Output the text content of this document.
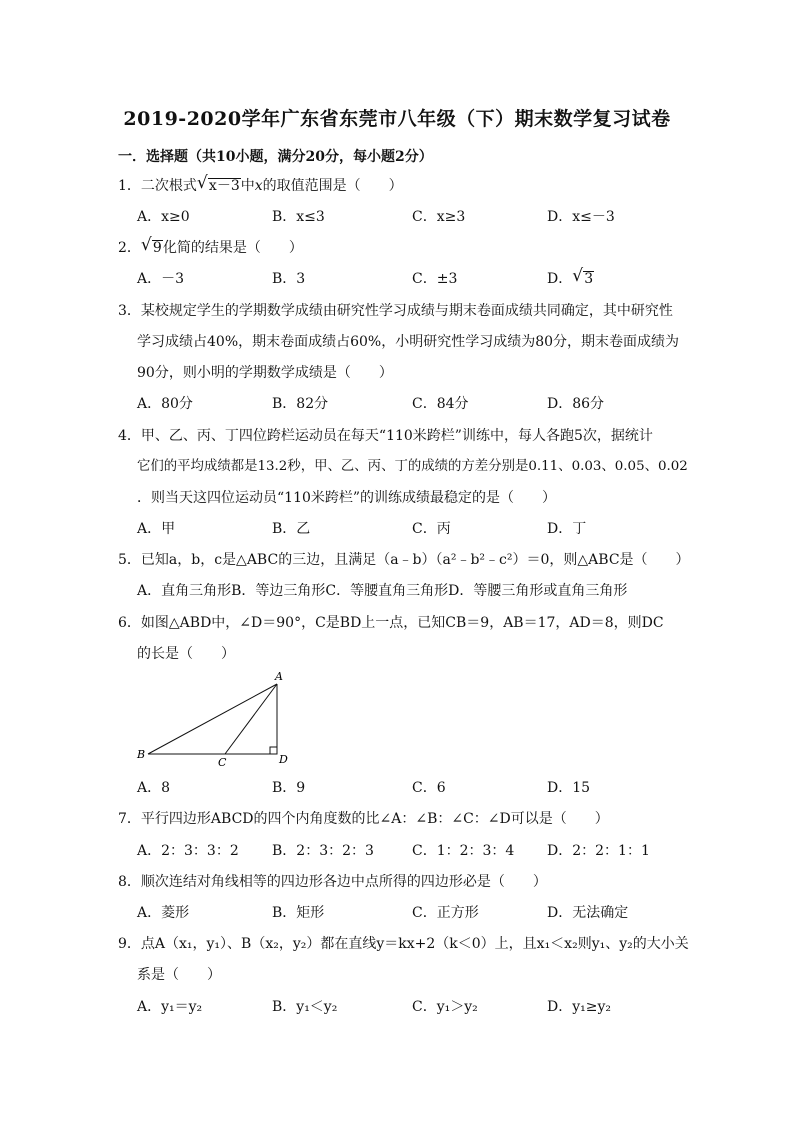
2019-2020学年广东省东莞市八年级（下）期末数学复习试卷
一．选择题（共10小题，满分20分，每小题2分）
1．二次根式 √ x－3中x的取值范围是（　　）
A．x≥0	B．x≤3	C．x≥3	D．x≤－3
2． √ 9化简的结果是（　　）
A．－3	B．3	C．±3	D． √ 3
3．某校规定学生的学期数学成绩由研究性学习成绩与期末卷面成绩共同确定，其中研究性
学习成绩占40%，期末卷面成绩占60%，小明研究性学习成绩为80分，期末卷面成绩为
90分，则小明的学期数学成绩是（　　）
A．80分	B．82分	C．84分	D．86分
4．甲、乙、丙、丁四位跨栏运动员在每天“110米跨栏”训练中，每人各跑5次，据统计
它们的平均成绩都是13.2秒，甲、乙、丙、丁的成绩的方差分别是0.11、0.03、0.05、0.02
．则当天这四位运动员“110米跨栏”的训练成绩最稳定的是（　　）
A．甲	B．乙	C．丙	D．丁
5．已知a，b，c是△ABC的三边，且满足（a﹣b）（a²﹣b²﹣c²）＝0，则△ABC是（　　）
A．直角三角形B．等边三角形C．等腰直角三角形D．等腰三角形或直角三角形
6．如图△ABD中，∠D＝90°，C是BD上一点，已知CB＝9，AB＝17，AD＝8，则DC
的长是（　　）
A
B
C	D
A．8	B．9	C．6	D．15
7．平行四边形ABCD的四个内角度数的比∠A：∠B：∠C：∠D可以是（　　）
A．2：3：3：2 B．2：3：2：3	C．1：2：3：4 D．2：2：1：1
8．顺次连结对角线相等的四边形各边中点所得的四边形必是（　　）
A．菱形	B．矩形	C．正方形	D．无法确定
9．点A（x₁，y₁）、B（x₂，y₂）都在直线y＝kx+2（k＜0）上，且x₁＜x₂则y₁、y₂的大小关
系是（　　）
A．y₁＝y₂	B．y₁＜y₂	C．y₁＞y₂	D．y₁≥y₂
